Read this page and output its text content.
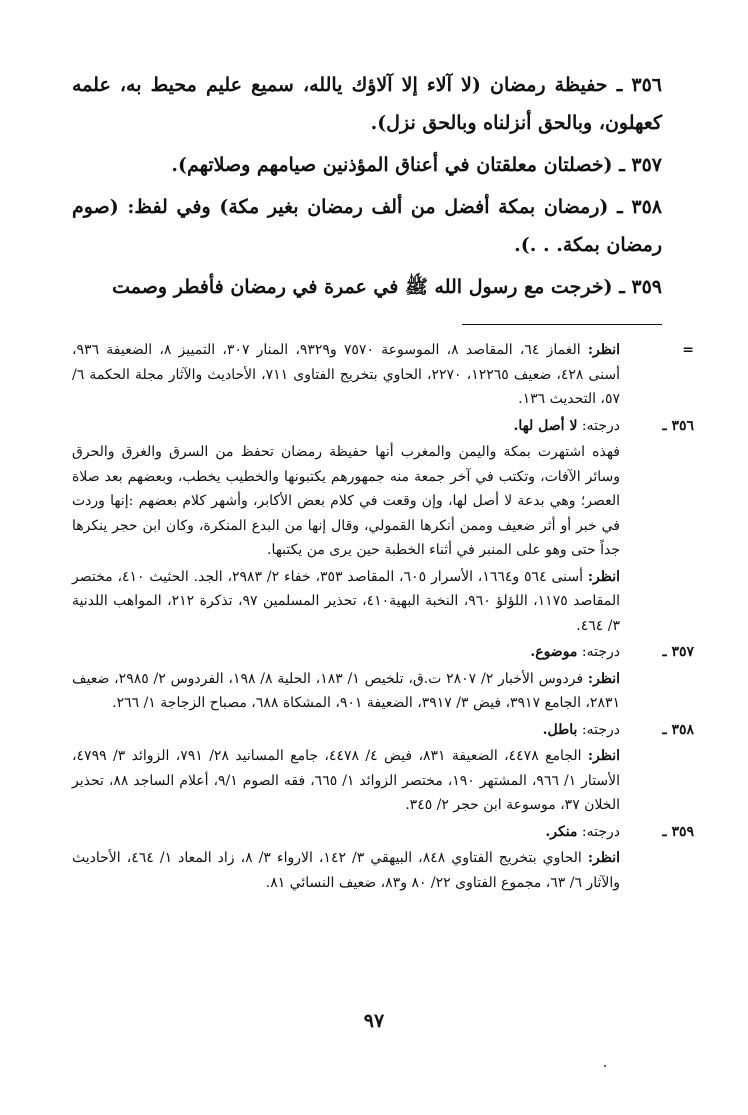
٣٥٦ ـ حفيظة رمضان (لا آلاء إلا آلاؤك يالله، سميع عليم محيط به، علمه كعهلون، وبالحق أنزلناه وبالحق نزل).

٣٥٧ ـ (خصلتان معلقتان في أعناق المؤذنين صيامهم وصلاتهم).

٣٥٨ ـ (رمضان بمكة أفضل من ألف رمضان بغير مكة) وفي لفظ: (صوم رمضان بمكة. . .).

٣٥٩ ـ (خرجت مع رسول الله ﷺ في عمرة في رمضان فأفطر وصمت

=
انظر: الغماز ٦٤، المقاصد ٨، الموسوعة ٧٥٧٠ و٩٣٢٩، المنار ٣٠٧، التمييز ٨، الضعيفة ٩٣٦، أسنى ٤٢٨، ضعيف ١٢٢٦٥، ٢٢٧٠، الحاوي بتخريج الفتاوى ٧١١، الأحاديث والآثار مجلة الحكمة ٦/ ٥٧، التحديث ١٣٦.
٣٥٦ ـ
درجته: لا أصل لها.
فهذه اشتهرت بمكة واليمن والمغرب أنها حفيظة رمضان تحفظ من السرق والغرق والحرق وسائر الآفات، وتكتب في آخر جمعة منه جمهورهم يكتبونها والخطيب يخطب، وبعضهم بعد صلاة العصر؛ وهي بدعة لا أصل لها، وإن وقعت في كلام بعض الأكابر، وأشهر كلام بعضهم :إنها وردت في خبر أو أثر ضعيف وممن أنكرها القمولي، وقال إنها من البدع المنكرة، وكان ابن حجر ينكرها جداً حتى وهو على المنبر في أثناء الخطبة حين يرى من يكتبها.
انظر: أسنى ٥٦٤ و١٦٦٤، الأسرار ٦٠٥، المقاصد ٣٥٣، خفاء ٢/ ٢٩٨٣، الجد. الحثيث ٤١٠، مختصر المقاصد ١١٧٥، اللؤلؤ ٩٦٠، النخبة البهية٤١٠، تحذير المسلمين ٩٧، تذكرة ٢١٢، المواهب اللدنية ٣/ ٤٦٤.
٣٥٧ ـ
درجته: موضوع.
انظر: فردوس الأخبار ٢/ ٢٨٠٧ ت.ق، تلخيص ١/ ١٨٣، الحلية ٨/ ١٩٨، الفردوس ٢/ ٢٩٨٥، ضعيف ٢٨٣١، الجامع ٣٩١٧، فيض ٣/ ٣٩١٧، الضعيفة ٩٠١، المشكاة ٦٨٨، مصباح الزجاجة ١/ ٢٦٦.
٣٥٨ ـ
درجته: باطل.
انظر: الجامع ٤٤٧٨، الضعيفة ٨٣١، فيض ٤/ ٤٤٧٨، جامع المسانيد ٢٨/ ٧٩١، الزوائد ٣/ ٤٧٩٩، الأستار ١/ ٩٦٦، المشتهر ١٩٠، مختصر الزوائد ١/ ٦٦٥، فقه الصوم ٩/١، أعلام الساجد ٨٨، تحذير الخلان ٣٧، موسوعة ابن حجر ٢/ ٣٤٥.
٣٥٩ ـ
درجته: منكر.
انظر: الحاوي بتخريج الفتاوي ٨٤٨، البيهقي ٣/ ١٤٢، الارواء ٣/ ٨، زاد المعاد ١/ ٤٦٤، الأحاديث والآثار ٦/ ٦٣، مجموع الفتاوى ٢٢/ ٨٠ و٨٣، ضعيف النسائي ٨١.
٩٧
